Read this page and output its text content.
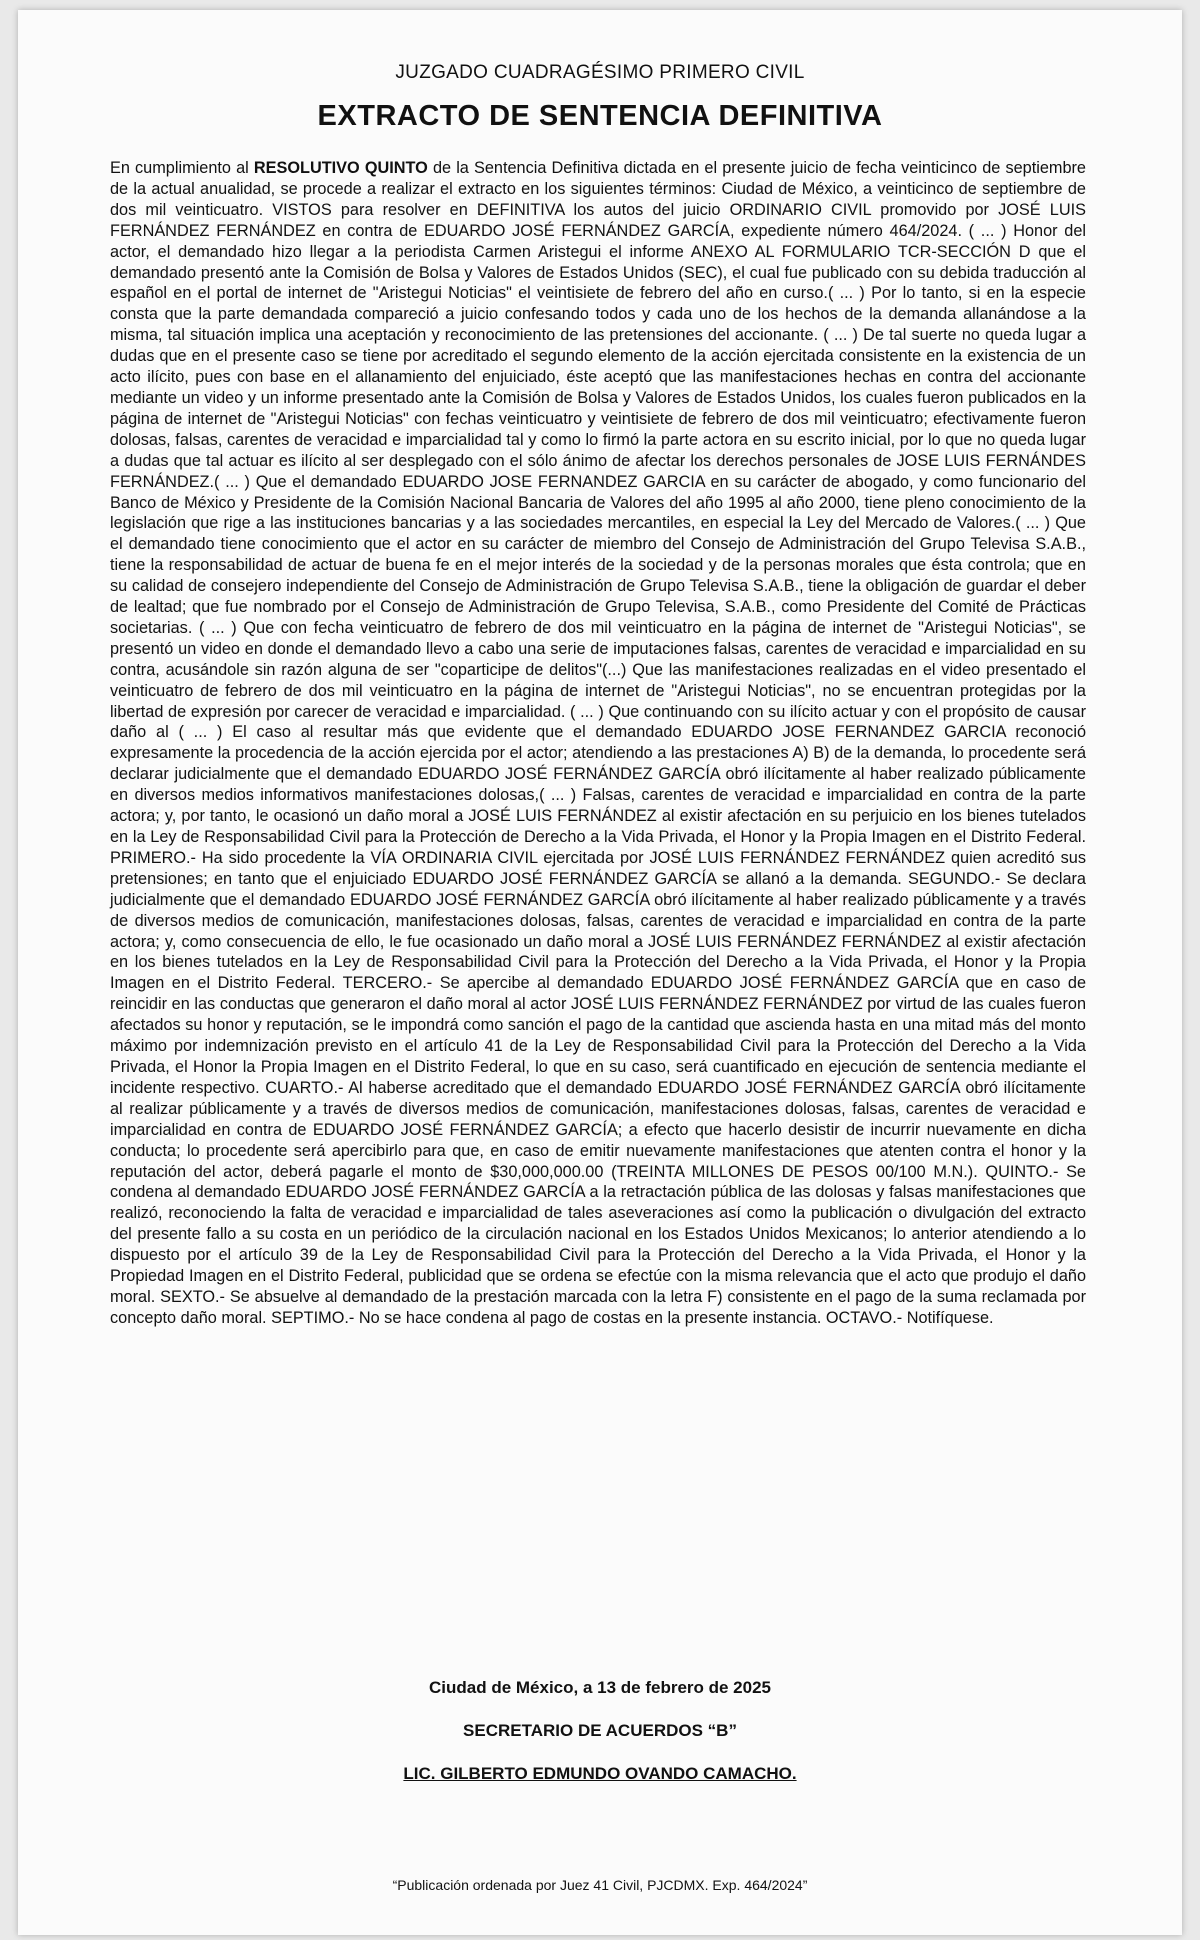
JUZGADO CUADRAGÉSIMO PRIMERO CIVIL
EXTRACTO DE SENTENCIA DEFINITIVA

En cumplimiento al RESOLUTIVO QUINTO de la Sentencia Definitiva dictada en el presente juicio de fecha veinticinco de septiembre de la actual anualidad, se procede a realizar el extracto en los siguientes términos: Ciudad de México, a veinticinco de septiembre de dos mil veinticuatro. VISTOS para resolver en DEFINITIVA los autos del juicio ORDINARIO CIVIL promovido por JOSÉ LUIS FERNÁNDEZ FERNÁNDEZ en contra de EDUARDO JOSÉ FERNÁNDEZ GARCÍA, expediente número 464/2024. ( ... ) Honor del actor, el demandado hizo llegar a la periodista Carmen Aristegui el informe ANEXO AL FORMULARIO TCR-SECCIÓN D que el demandado presentó ante la Comisión de Bolsa y Valores de Estados Unidos (SEC), el cual fue publicado con su debida traducción al español en el portal de internet de "Aristegui Noticias" el veintisiete de febrero del año en curso.( ... ) Por lo tanto, si en la especie consta que la parte demandada compareció a juicio confesando todos y cada uno de los hechos de la demanda allanándose a la misma, tal situación implica una aceptación y reconocimiento de las pretensiones del accionante. ( ... ) De tal suerte no queda lugar a dudas que en el presente caso se tiene por acreditado el segundo elemento de la acción ejercitada consistente en la existencia de un acto ilícito, pues con base en el allanamiento del enjuiciado, éste aceptó que las manifestaciones hechas en contra del accionante mediante un video y un informe presentado ante la Comisión de Bolsa y Valores de Estados Unidos, los cuales fueron publicados en la página de internet de "Aristegui Noticias" con fechas veinticuatro y veintisiete de febrero de dos mil veinticuatro; efectivamente fueron dolosas, falsas, carentes de veracidad e imparcialidad tal y como lo firmó la parte actora en su escrito inicial, por lo que no queda lugar a dudas que tal actuar es ilícito al ser desplegado con el sólo ánimo de afectar los derechos personales de JOSE LUIS FERNÁNDES FERNÁNDEZ.( ... ) Que el demandado EDUARDO JOSE FERNANDEZ GARCIA en su carácter de abogado, y como funcionario del Banco de México y Presidente de la Comisión Nacional Bancaria de Valores del año 1995 al año 2000, tiene pleno conocimiento de la legislación que rige a las instituciones bancarias y a las sociedades mercantiles, en especial la Ley del Mercado de Valores.( ... ) Que el demandado tiene conocimiento que el actor en su carácter de miembro del Consejo de Administración del Grupo Televisa S.A.B., tiene la responsabilidad de actuar de buena fe en el mejor interés de la sociedad y de la personas morales que ésta controla; que en su calidad de consejero independiente del Consejo de Administración de Grupo Televisa S.A.B., tiene la obligación de guardar el deber de lealtad; que fue nombrado por el Consejo de Administración de Grupo Televisa, S.A.B., como Presidente del Comité de Prácticas societarias. ( ... ) Que con fecha veinticuatro de febrero de dos mil veinticuatro en la página de internet de "Aristegui Noticias", se presentó un video en donde el demandado llevo a cabo una serie de imputaciones falsas, carentes de veracidad e imparcialidad en su contra, acusándole sin razón alguna de ser "coparticipe de delitos"(...) Que las manifestaciones realizadas en el video presentado el veinticuatro de febrero de dos mil veinticuatro en la página de internet de "Aristegui Noticias", no se encuentran protegidas por la libertad de expresión por carecer de veracidad e imparcialidad. ( ... ) Que continuando con su ilícito actuar y con el propósito de causar daño al ( ... ) El caso al resultar más que evidente que el demandado EDUARDO JOSE FERNANDEZ GARCIA reconoció expresamente la procedencia de la acción ejercida por el actor; atendiendo a las prestaciones A) B) de la demanda, lo procedente será declarar judicialmente que el demandado EDUARDO JOSÉ FERNÁNDEZ GARCÍA obró ilícitamente al haber realizado públicamente en diversos medios informativos manifestaciones dolosas,( ... ) Falsas, carentes de veracidad e imparcialidad en contra de la parte actora; y, por tanto, le ocasionó un daño moral a JOSÉ LUIS FERNÁNDEZ al existir afectación en su perjuicio en los bienes tutelados en la Ley de Responsabilidad Civil para la Protección de Derecho a la Vida Privada, el Honor y la Propia Imagen en el Distrito Federal. PRIMERO.- Ha sido procedente la VÍA ORDINARIA CIVIL ejercitada por JOSÉ LUIS FERNÁNDEZ FERNÁNDEZ quien acreditó sus pretensiones; en tanto que el enjuiciado EDUARDO JOSÉ FERNÁNDEZ GARCÍA se allanó a la demanda. SEGUNDO.- Se declara judicialmente que el demandado EDUARDO JOSÉ FERNÁNDEZ GARCÍA obró ilícitamente al haber realizado públicamente y a través de diversos medios de comunicación, manifestaciones dolosas, falsas, carentes de veracidad e imparcialidad en contra de la parte actora; y, como consecuencia de ello, le fue ocasionado un daño moral a JOSÉ LUIS FERNÁNDEZ FERNÁNDEZ al existir afectación en los bienes tutelados en la Ley de Responsabilidad Civil para la Protección del Derecho a la Vida Privada, el Honor y la Propia Imagen en el Distrito Federal. TERCERO.- Se apercibe al demandado EDUARDO JOSÉ FERNÁNDEZ GARCÍA que en caso de reincidir en las conductas que generaron el daño moral al actor JOSÉ LUIS FERNÁNDEZ FERNÁNDEZ por virtud de las cuales fueron afectados su honor y reputación, se le impondrá como sanción el pago de la cantidad que ascienda hasta en una mitad más del monto máximo por indemnización previsto en el artículo 41 de la Ley de Responsabilidad Civil para la Protección del Derecho a la Vida Privada, el Honor la Propia Imagen en el Distrito Federal, lo que en su caso, será cuantificado en ejecución de sentencia mediante el incidente respectivo. CUARTO.- Al haberse acreditado que el demandado EDUARDO JOSÉ FERNÁNDEZ GARCÍA obró ilícitamente al realizar públicamente y a través de diversos medios de comunicación, manifestaciones dolosas, falsas, carentes de veracidad e imparcialidad en contra de EDUARDO JOSÉ FERNÁNDEZ GARCÍA; a efecto que hacerlo desistir de incurrir nuevamente en dicha conducta; lo procedente será apercibirlo para que, en caso de emitir nuevamente manifestaciones que atenten contra el honor y la reputación del actor, deberá pagarle el monto de $30,000,000.00 (TREINTA MILLONES DE PESOS 00/100 M.N.). QUINTO.- Se condena al demandado EDUARDO JOSÉ FERNÁNDEZ GARCÍA a la retractación pública de las dolosas y falsas manifestaciones que realizó, reconociendo la falta de veracidad e imparcialidad de tales aseveraciones así como la publicación o divulgación del extracto del presente fallo a su costa en un periódico de la circulación nacional en los Estados Unidos Mexicanos; lo anterior atendiendo a lo dispuesto por el artículo 39 de la Ley de Responsabilidad Civil para la Protección del Derecho a la Vida Privada, el Honor y la Propiedad Imagen en el Distrito Federal, publicidad que se ordena se efectúe con la misma relevancia que el acto que produjo el daño moral. SEXTO.- Se absuelve al demandado de la prestación marcada con la letra F) consistente en el pago de la suma reclamada por concepto daño moral. SEPTIMO.- No se hace condena al pago de costas en la presente instancia. OCTAVO.- Notifíquese.

Ciudad de México, a 13 de febrero de 2025
SECRETARIO DE ACUERDOS “B”
LIC. GILBERTO EDMUNDO OVANDO CAMACHO.
“Publicación ordenada por Juez 41 Civil, PJCDMX. Exp. 464/2024”
